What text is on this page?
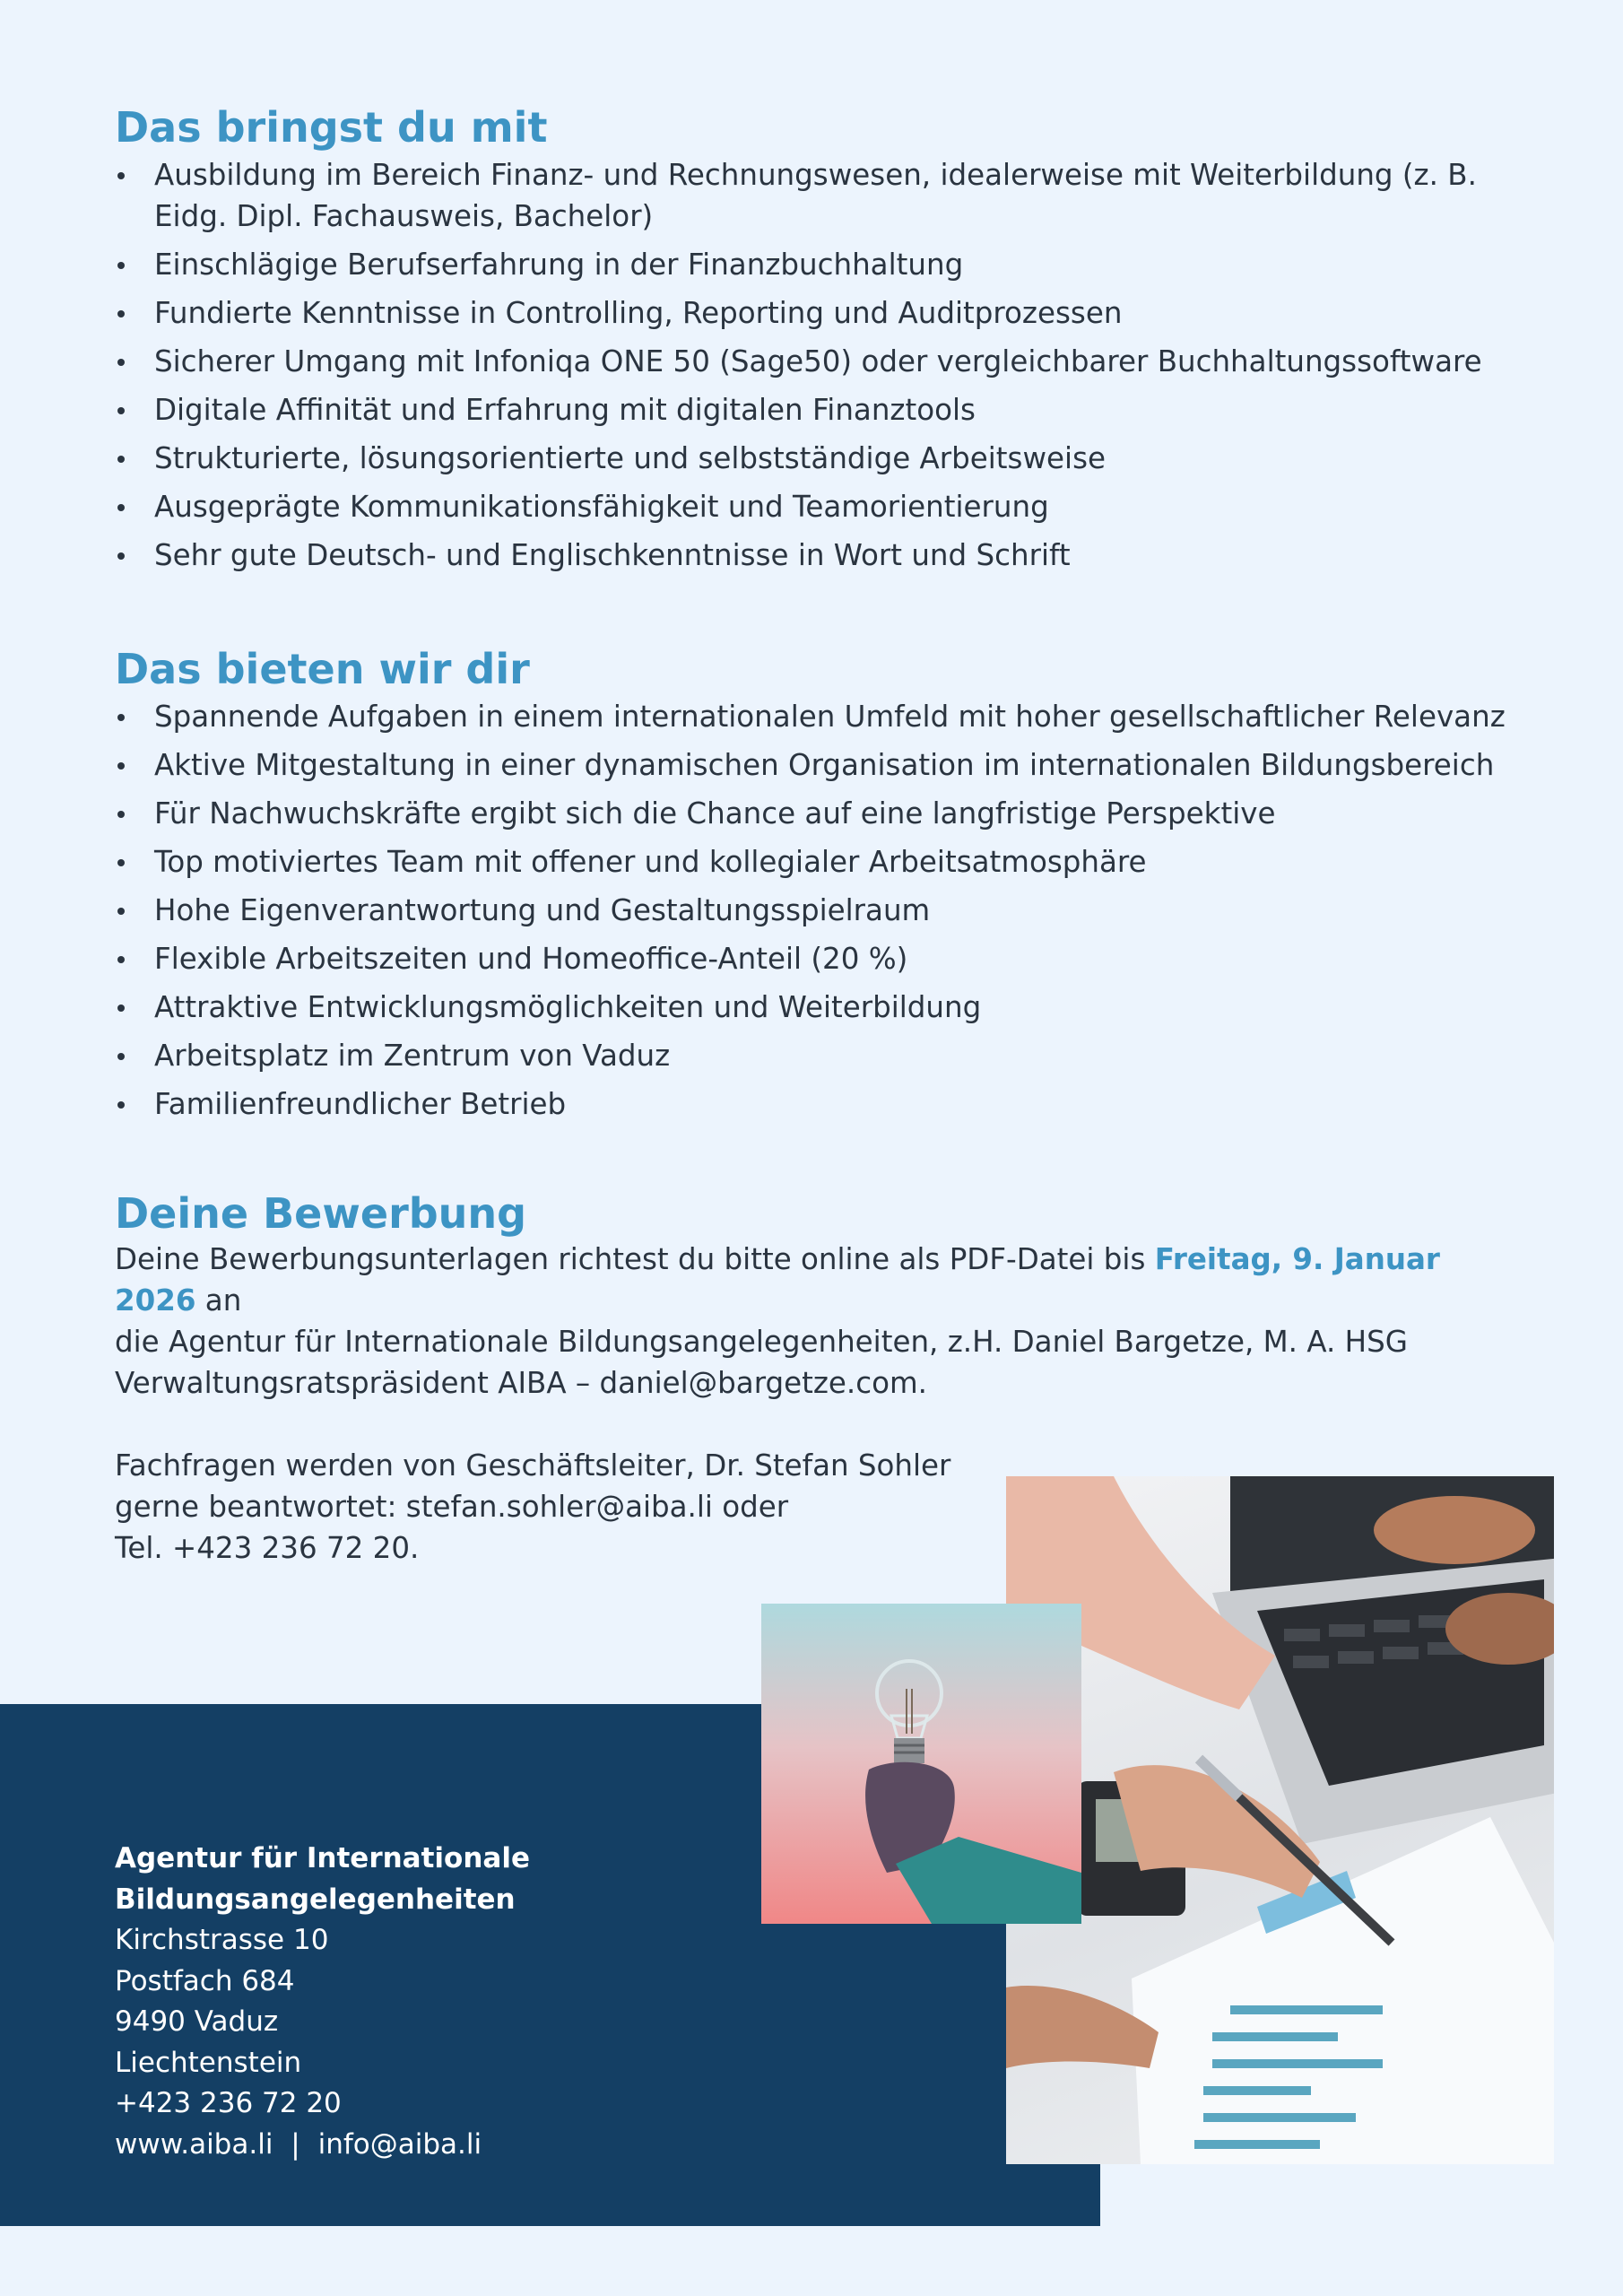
Das bringst du mit
Ausbildung im Bereich Finanz- und Rechnungswesen, idealerweise mit Weiterbildung (z. B. Eidg. Dipl. Fachausweis, Bachelor)
Einschlägige Berufserfahrung in der Finanzbuchhaltung
Fundierte Kenntnisse in Controlling, Reporting und Auditprozessen
Sicherer Umgang mit Infoniqa ONE 50 (Sage50) oder vergleichbarer Buchhaltungssoftware
Digitale Affinität und Erfahrung mit digitalen Finanztools
Strukturierte, lösungsorientierte und selbstständige Arbeitsweise
Ausgeprägte Kommunikationsfähigkeit und Teamorientierung
Sehr gute Deutsch- und Englischkenntnisse in Wort und Schrift
Das bieten wir dir
Spannende Aufgaben in einem internationalen Umfeld mit hoher gesellschaftlicher Relevanz
Aktive Mitgestaltung in einer dynamischen Organisation im internationalen Bildungsbereich
Für Nachwuchskräfte ergibt sich die Chance auf eine langfristige Perspektive
Top motiviertes Team mit offener und kollegialer Arbeitsatmosphäre
Hohe Eigenverantwortung und Gestaltungsspielraum
Flexible Arbeitszeiten und Homeoffice-Anteil (20 %)
Attraktive Entwicklungsmöglichkeiten und Weiterbildung
Arbeitsplatz im Zentrum von Vaduz
Familienfreundlicher Betrieb
Deine Bewerbung

Deine Bewerbungsunterlagen richtest du bitte online als PDF-Datei bis Freitag, 9. Januar 2026 an
die Agentur für Internationale Bildungsangelegenheiten, z.H. Daniel Bargetze, M. A. HSG
Verwaltungsratspräsident AIBA – daniel@bargetze.com.

Fachfragen werden von Geschäftsleiter, Dr. Stefan Sohler
gerne beantwortet: stefan.sohler@aiba.li oder
Tel. +423 236 72 20.

Agentur für Internationale
Bildungsangelegenheiten
Kirchstrasse 10
Postfach 684
9490 Vaduz
Liechtenstein
+423 236 72 20
www.aiba.li | info@aiba.li
